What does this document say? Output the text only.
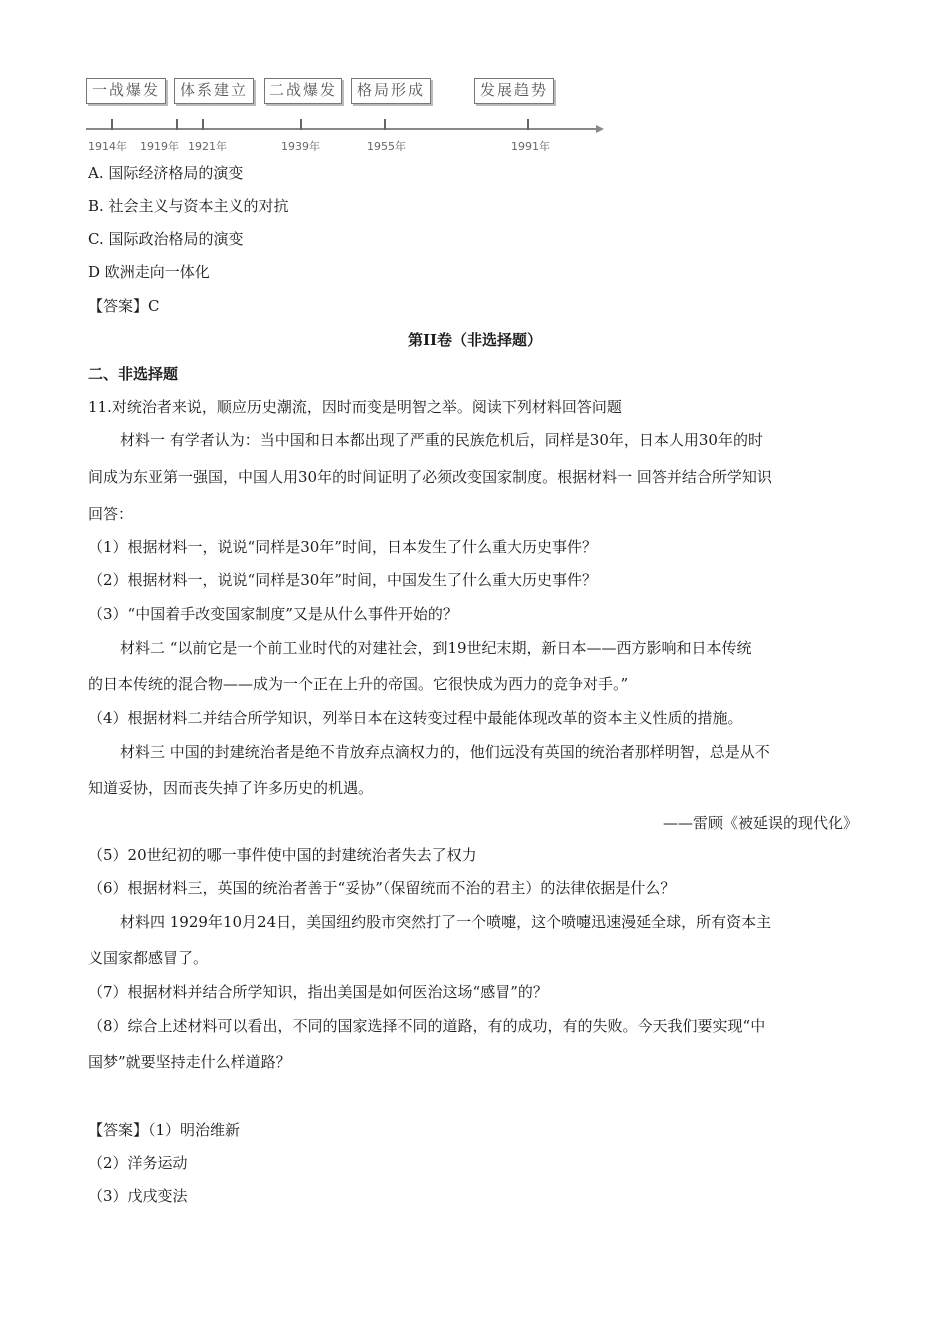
一战爆发	体系建立	二战爆发	格局形成	发展趋势
1914年 1919年 1921年	1939年	1955年	1991年
A. 国际经济格局的演变
B. 社会主义与资本主义的对抗
C. 国际政治格局的演变
D 欧洲走向一体化
【答案】C
第II卷（非选择题）
二、非选择题
11.对统治者来说，顺应历史潮流，因时而变是明智之举。阅读下列材料回答问题
材料一 有学者认为：当中国和日本都出现了严重的民族危机后，同样是30年，日本人用30年的时
间成为东亚第一强国，中国人用30年的时间证明了必须改变国家制度。根据材料一 回答并结合所学知识
回答：
（1）根据材料一，说说“同样是30年”时间，日本发生了什么重大历史事件？
（2）根据材料一，说说“同样是30年”时间，中国发生了什么重大历史事件？
（3）“中国着手改变国家制度”又是从什么事件开始的？
材料二 “以前它是一个前工业时代的对建社会，到19世纪末期，新日本——西方影响和日本传统
的日本传统的混合物——成为一个正在上升的帝国。它很快成为西力的竞争对手。”
（4）根据材料二并结合所学知识，列举日本在这转变过程中最能体现改革的资本主义性质的措施。
材料三 中国的封建统治者是绝不肯放弃点滴权力的，他们远没有英国的统治者那样明智，总是从不
知道妥协，因而丧失掉了许多历史的机遇。
——雷顾《被延误的现代化》
（5）20世纪初的哪一事件使中国的封建统治者失去了权力
（6）根据材料三，英国的统治者善于“妥协”（保留统而不治的君主）的法律依据是什么？
材料四 1929年10月24日，美国纽约股市突然打了一个喷嚏，这个喷嚏迅速漫延全球，所有资本主
义国家都感冒了。
（7）根据材料并结合所学知识，指出美国是如何医治这场“感冒”的？
（8）综合上述材料可以看出，不同的国家选择不同的道路，有的成功，有的失败。今天我们要实现“中
国梦”就要坚持走什么样道路？
【答案】（1）明治维新
（2）洋务运动
（3）戊戌变法
